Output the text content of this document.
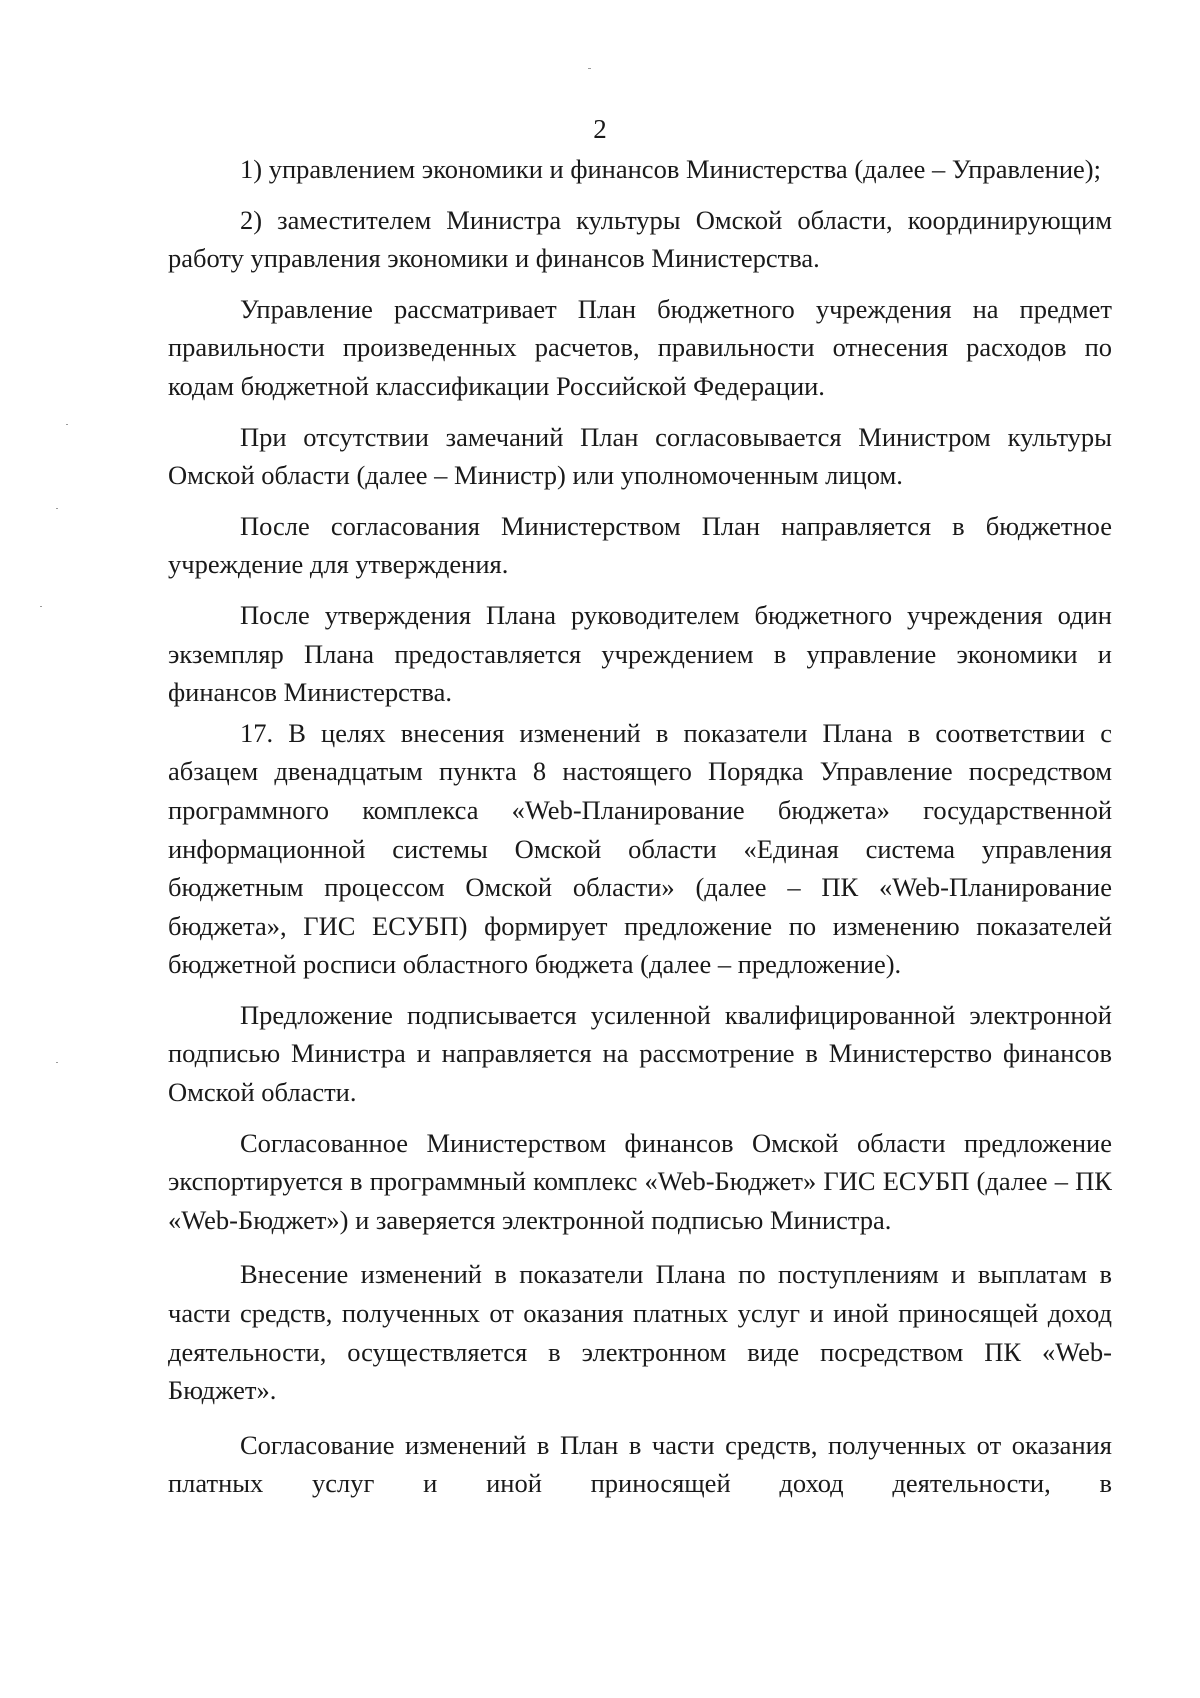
2

1) управлением экономики и финансов Министерства (далее – Управление);

2) заместителем Министра культуры Омской области, координирующим работу управления экономики и финансов Министерства.

Управление рассматривает План бюджетного учреждения на предмет правильности произведенных расчетов, правильности отнесения расходов по кодам бюджетной классификации Российской Федерации.

При отсутствии замечаний План согласовывается Министром культуры Омской области (далее – Министр) или уполномоченным лицом.

После согласования Министерством План направляется в бюджетное учреждение для утверждения.

После утверждения Плана руководителем бюджетного учреждения один экземпляр Плана предоставляется учреждением в управление экономики и финансов Министерства.

17. В целях внесения изменений в показатели Плана в соответствии с абзацем двенадцатым пункта 8 настоящего Порядка Управление посредством программного комплекса «Web-Планирование бюджета» государственной информационной системы Омской области «Единая система управления бюджетным процессом Омской области» (далее – ПК «Web-Планирование бюджета», ГИС ЕСУБП) формирует предложение по изменению показателей бюджетной росписи областного бюджета (далее – предложение).

Предложение подписывается усиленной квалифицированной электронной подписью Министра и направляется на рассмотрение в Министерство финансов Омской области.

Согласованное Министерством финансов Омской области предложение экспортируется в программный комплекс «Web-Бюджет» ГИС ЕСУБП (далее – ПК «Web-Бюджет») и заверяется электронной подписью Министра.

Внесение изменений в показатели Плана по поступлениям и выплатам в части средств, полученных от оказания платных услуг и иной приносящей доход деятельности, осуществляется в электронном виде посредством ПК «Web-Бюджет».

Согласование изменений в План в части средств, полученных от оказания платных услуг и иной приносящей доход деятельности, в
